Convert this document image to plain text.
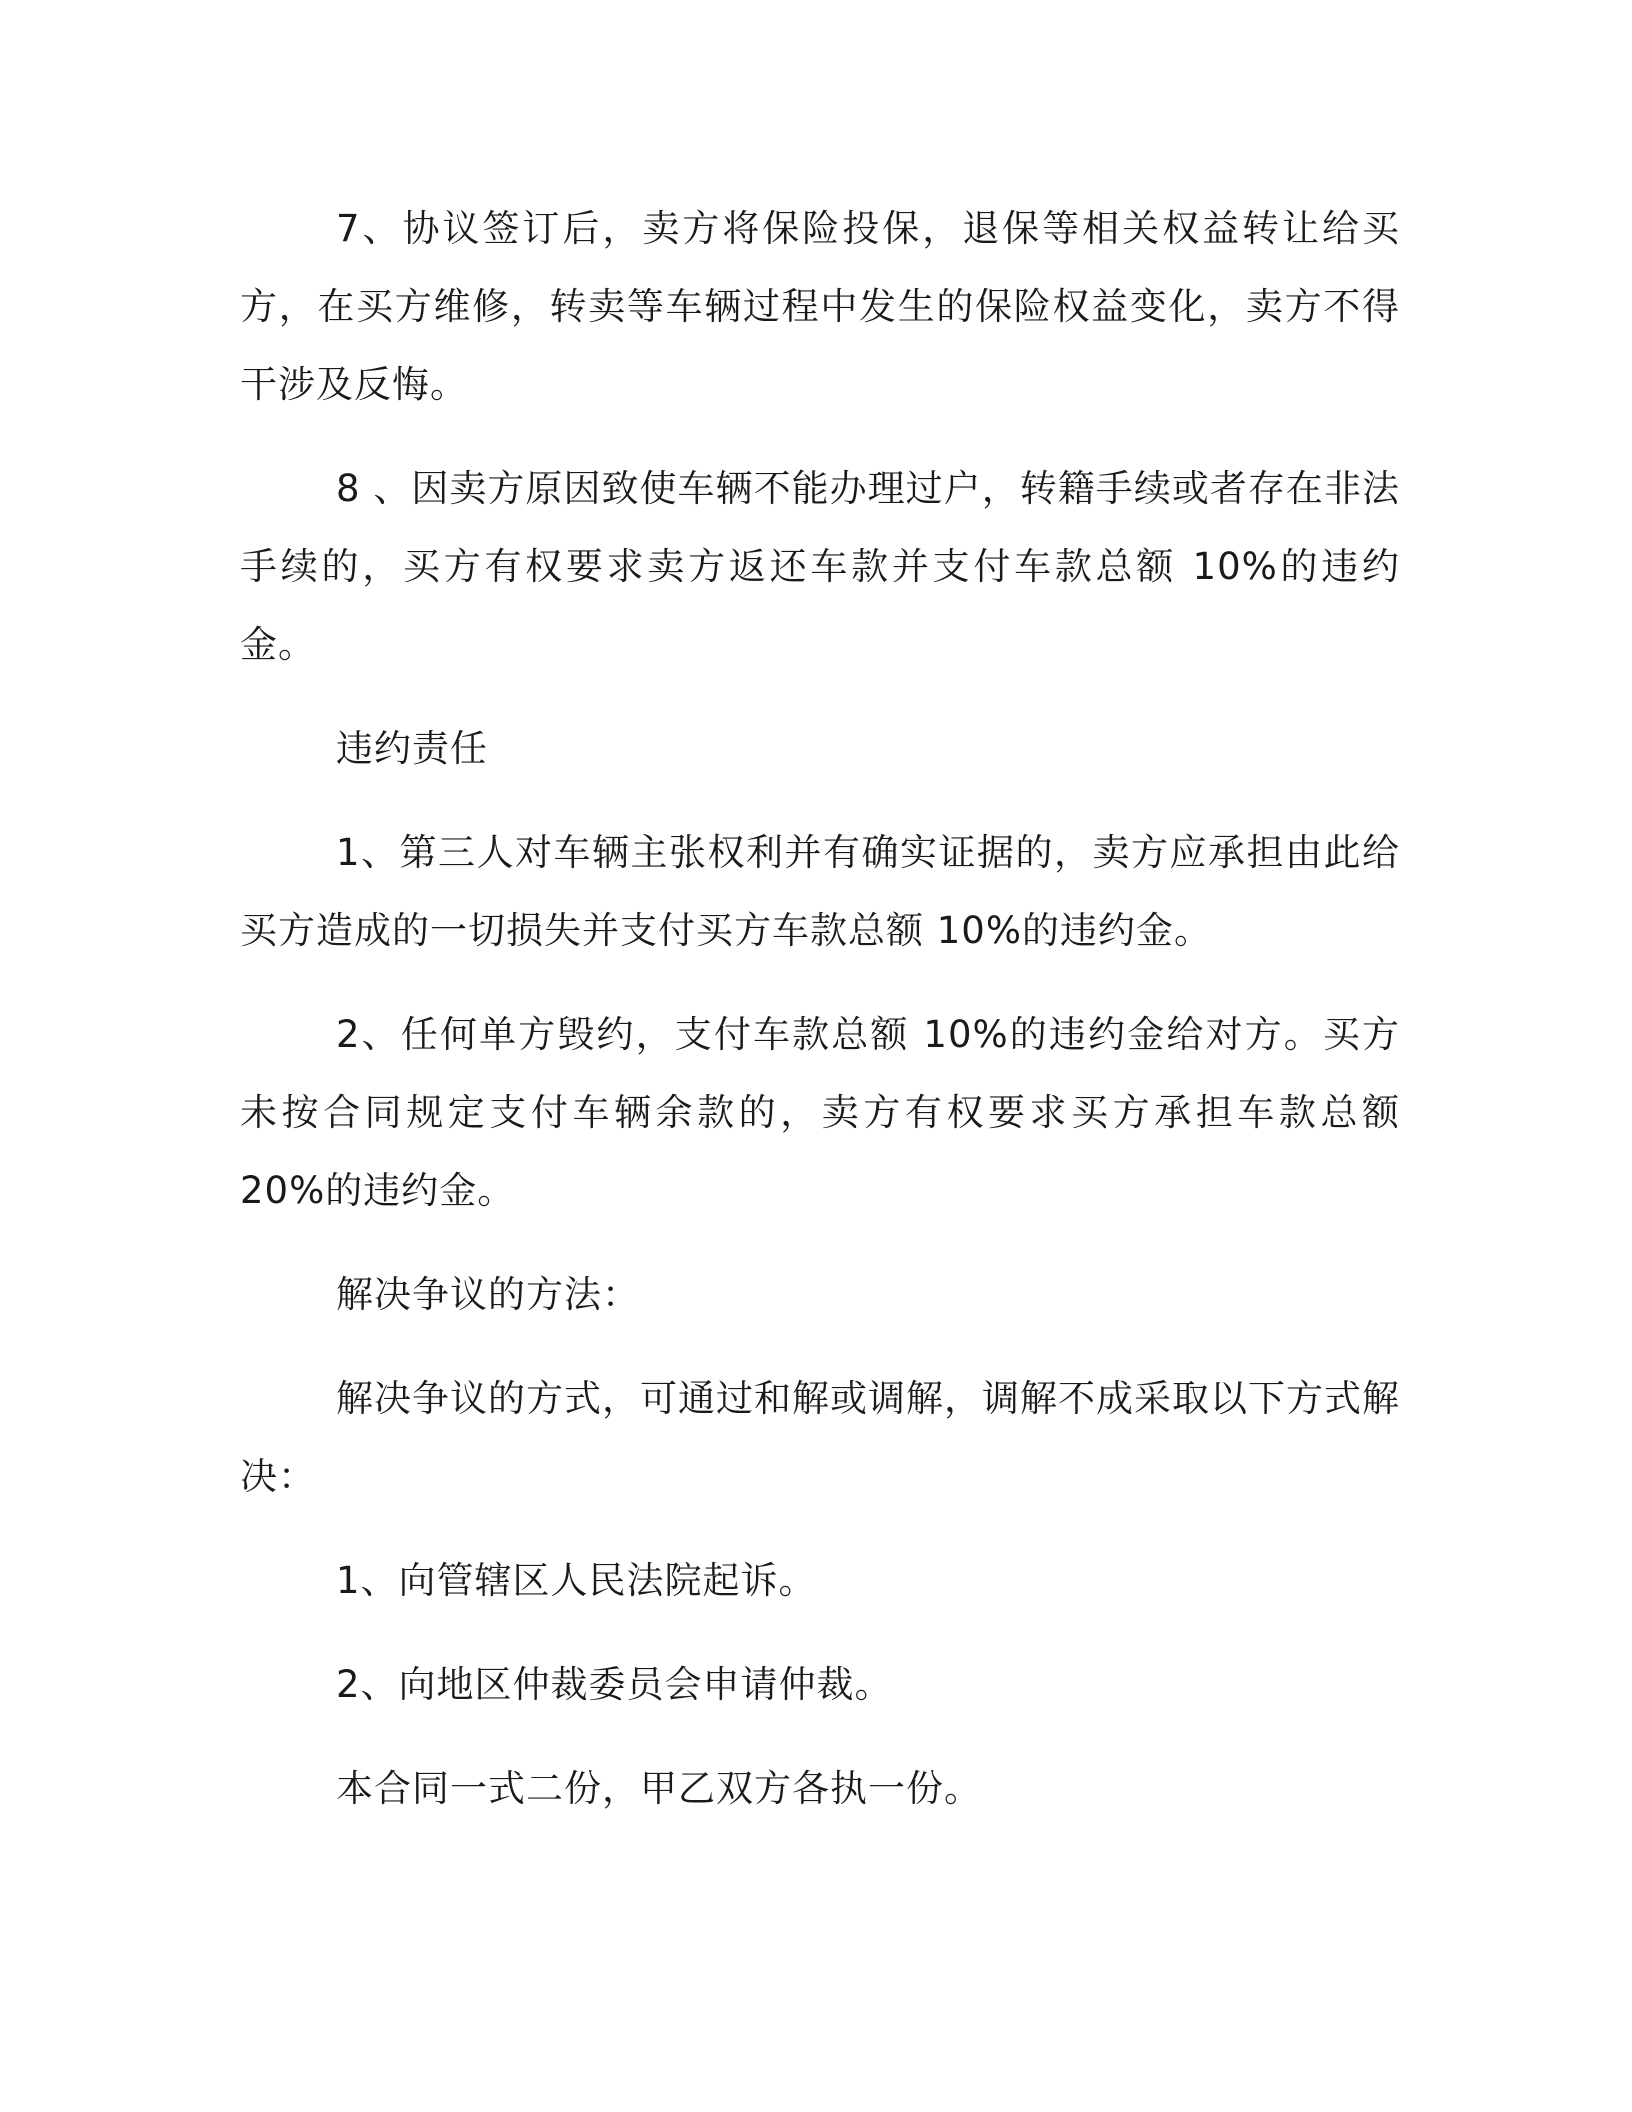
7、协议签订后，卖方将保险投保，退保等相关权益转让给买方，在买方维修，转卖等车辆过程中发生的保险权益变化，卖方不得干涉及反悔。

8 、因卖方原因致使车辆不能办理过户，转籍手续或者存在非法手续的，买方有权要求卖方返还车款并支付车款总额 10%的违约金。

违约责任

1、第三人对车辆主张权利并有确实证据的，卖方应承担由此给买方造成的一切损失并支付买方车款总额 10%的违约金。

2、任何单方毁约，支付车款总额 10%的违约金给对方。买方未按合同规定支付车辆余款的，卖方有权要求买方承担车款总额 20%的违约金。

解决争议的方法：

解决争议的方式，可通过和解或调解，调解不成采取以下方式解决：

1、向管辖区人民法院起诉。

2、向地区仲裁委员会申请仲裁。

本合同一式二份，甲乙双方各执一份。
